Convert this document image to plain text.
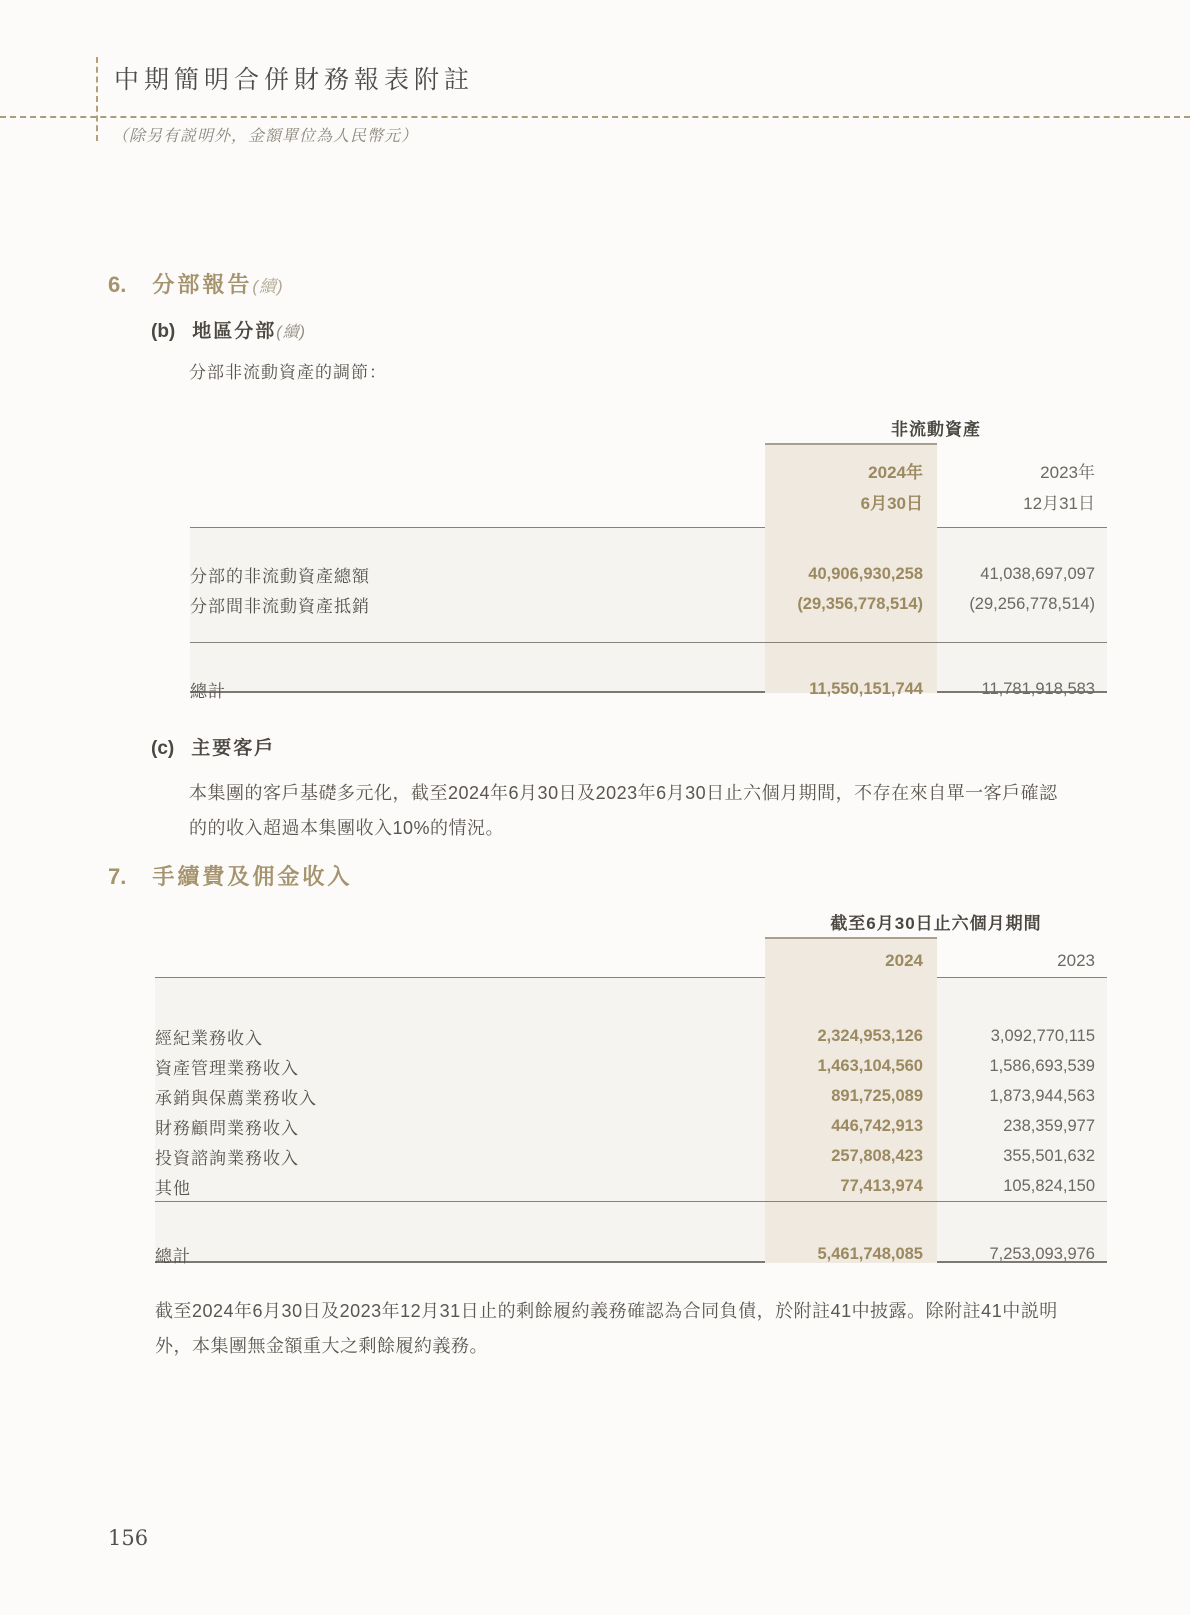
中期簡明合併財務報表附註
（除另有説明外，金額單位為人民幣元）
6. 分部報告 (續)
(b) 地區分部 (續)
分部非流動資產的調節：
非流動資產
2024年
6月30日
2023年
12月31日
分部的非流動資產總額	40,906,930,258	41,038,697,097
分部間非流動資產抵銷	(29,356,778,514)	(29,256,778,514)
總計	11,550,151,744	11,781,918,583
(c) 主要客戶
本集團的客戶基礎多元化，截至2024年6月30日及2023年6月30日止六個月期間，不存在來自單一客戶確認
的的收入超過本集團收入10%的情況。
7. 手續費及佣金收入
截至6月30日止六個月期間
2024	2023
經紀業務收入	2,324,953,126	3,092,770,115
資產管理業務收入	1,463,104,560	1,586,693,539
承銷與保薦業務收入	891,725,089	1,873,944,563
財務顧問業務收入	446,742,913	238,359,977
投資諮詢業務收入	257,808,423	355,501,632
其他	77,413,974	105,824,150
總計	5,461,748,085	7,253,093,976
截至2024年6月30日及2023年12月31日止的剩餘履約義務確認為合同負債，於附註41中披露。除附註41中説明
外，本集團無金額重大之剩餘履約義務。
156
